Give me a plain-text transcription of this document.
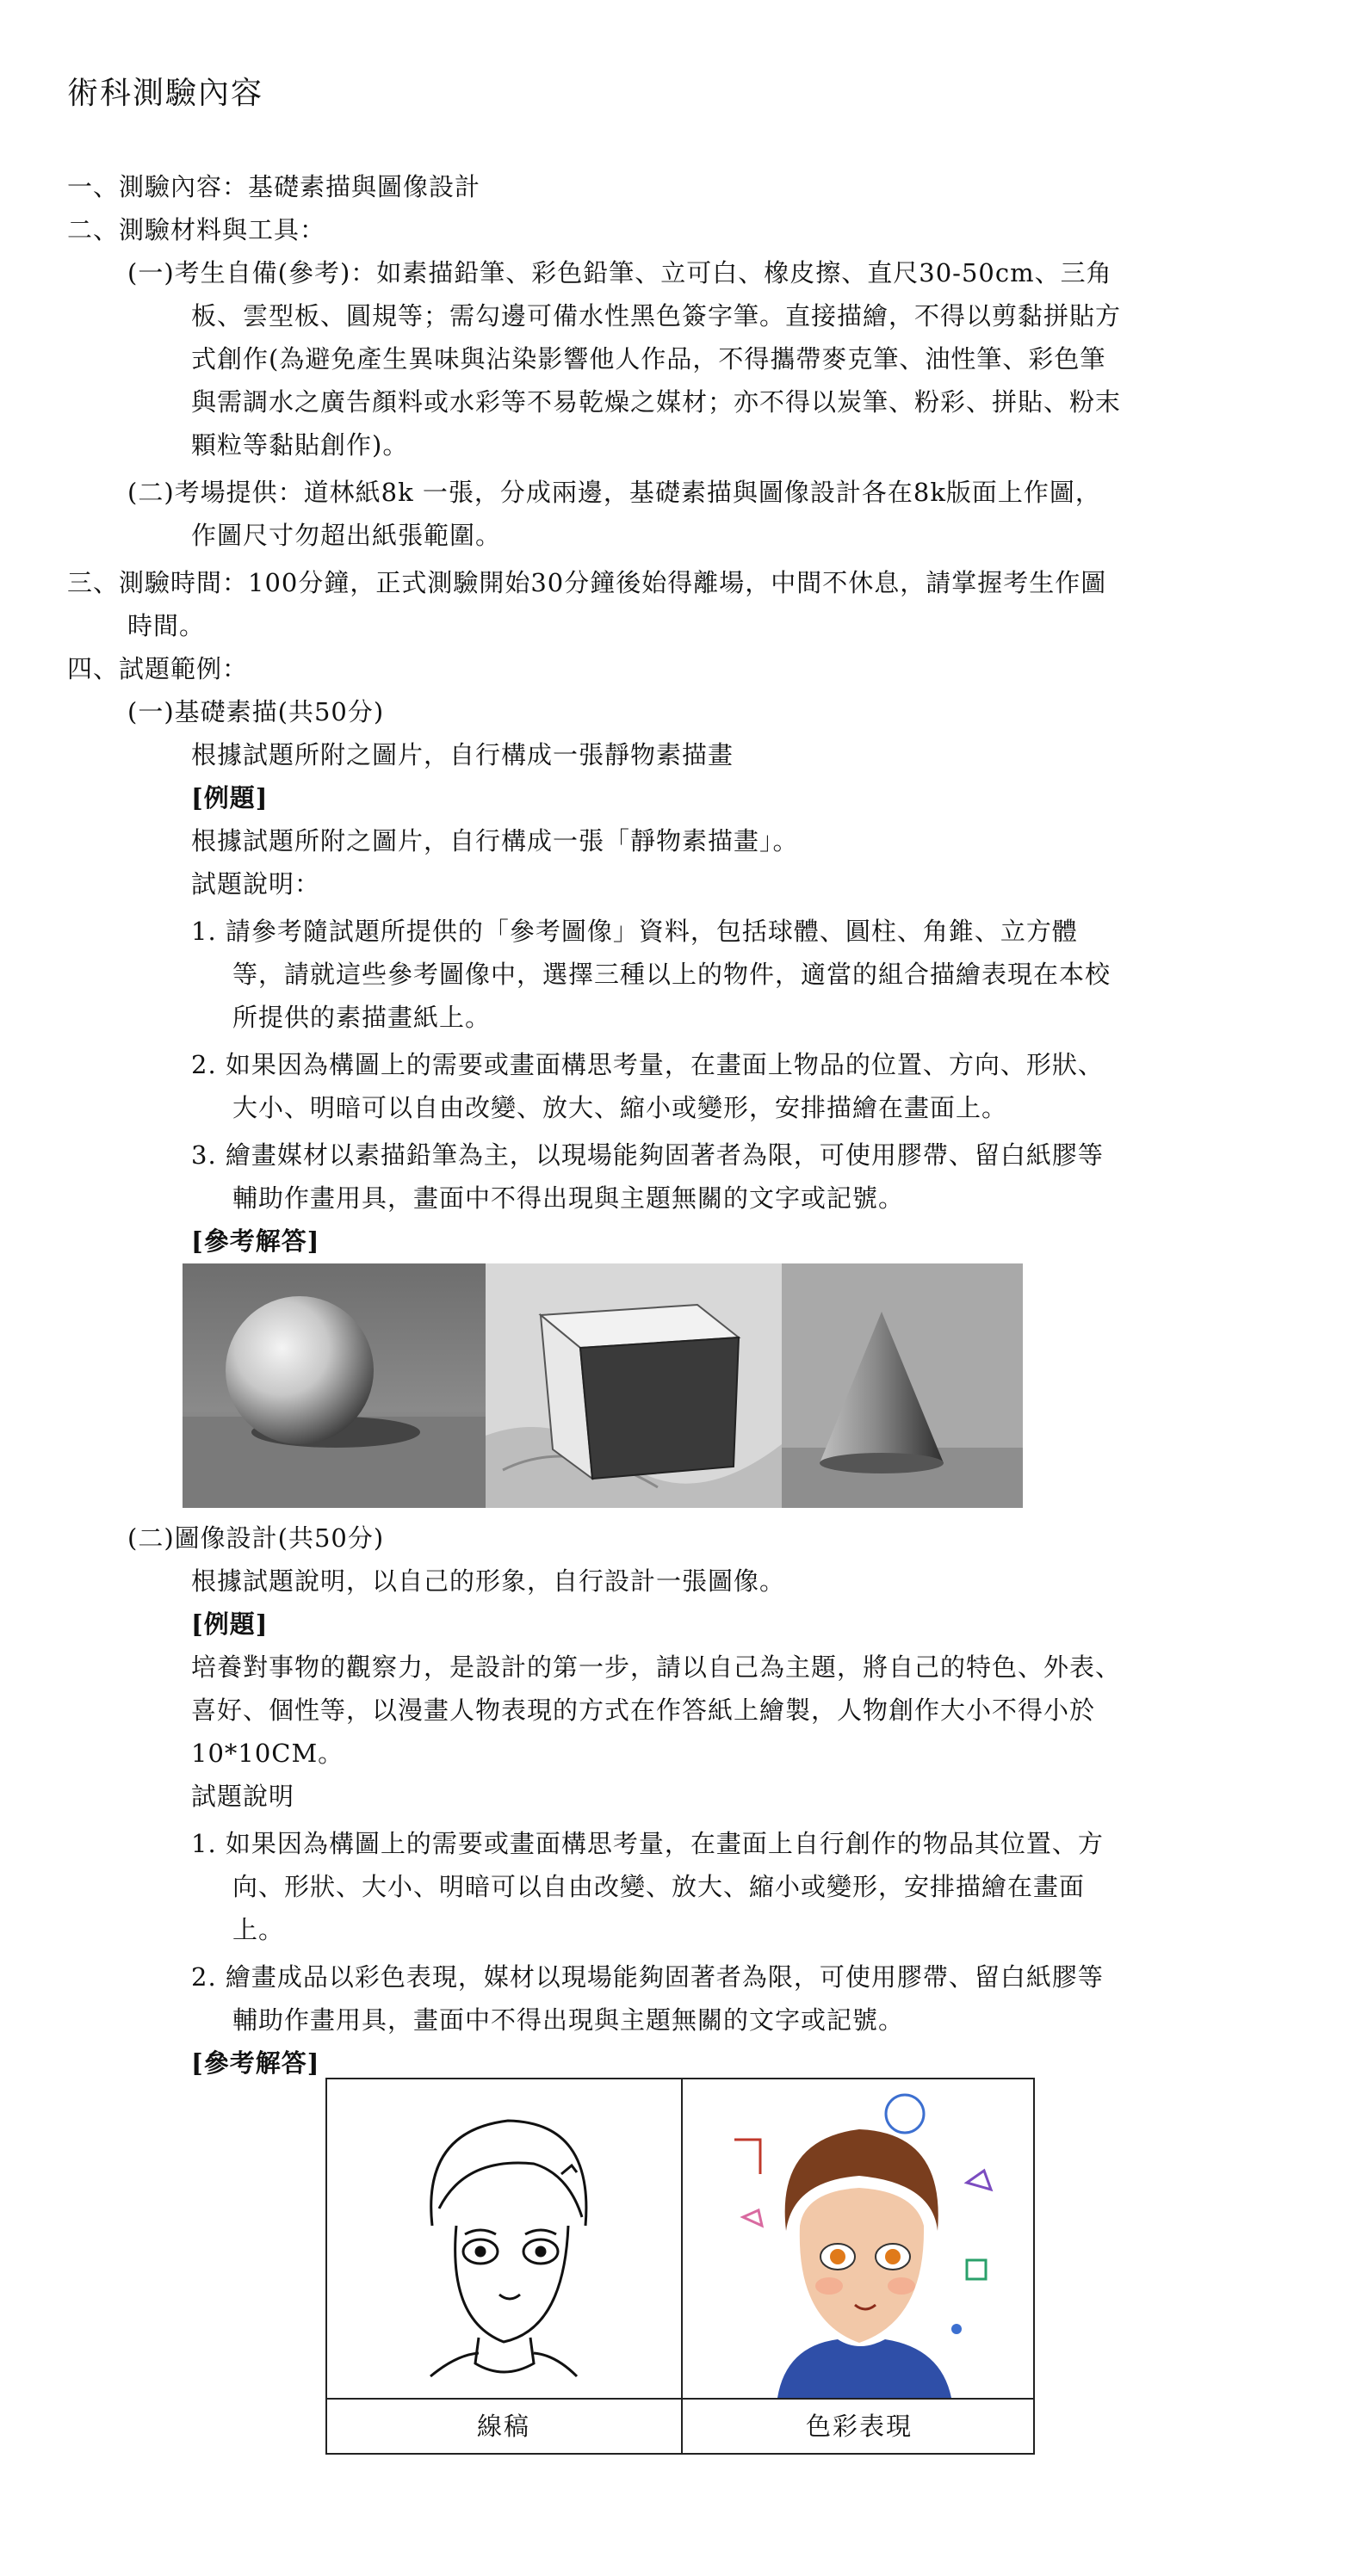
術科測驗內容
一、測驗內容：基礎素描與圖像設計
二、測驗材料與工具：
(一)考生自備(參考)：如素描鉛筆、彩色鉛筆、立可白、橡皮擦、直尺30-50cm、三角
板、雲型板、圓規等；需勾邊可備水性黑色簽字筆。直接描繪，不得以剪黏拼貼方
式創作(為避免產生異味與沾染影響他人作品，不得攜帶麥克筆、油性筆、彩色筆
與需調水之廣告顏料或水彩等不易乾燥之媒材；亦不得以炭筆、粉彩、拼貼、粉末
顆粒等黏貼創作)。
(二)考場提供：道林紙8k 一張，分成兩邊，基礎素描與圖像設計各在8k版面上作圖，
作圖尺寸勿超出紙張範圍。
三、測驗時間：100分鐘，正式測驗開始30分鐘後始得離場，中間不休息，請掌握考生作圖
時間。
四、試題範例：
(一)基礎素描(共50分)
根據試題所附之圖片，自行構成一張靜物素描畫
[例題]
根據試題所附之圖片，自行構成一張「靜物素描畫」。
試題說明：
1. 請參考隨試題所提供的「參考圖像」資料，包括球體、圓柱、角錐、立方體
等，請就這些參考圖像中，選擇三種以上的物件，適當的組合描繪表現在本校
所提供的素描畫紙上。
2. 如果因為構圖上的需要或畫面構思考量，在畫面上物品的位置、方向、形狀、
大小、明暗可以自由改變、放大、縮小或變形，安排描繪在畫面上。
3. 繪畫媒材以素描鉛筆為主，以現場能夠固著者為限，可使用膠帶、留白紙膠等
輔助作畫用具，畫面中不得出現與主題無關的文字或記號。
[參考解答]
(二)圖像設計(共50分)
根據試題說明，以自己的形象，自行設計一張圖像。
[例題]
培養對事物的觀察力，是設計的第一步，請以自己為主題，將自己的特色、外表、
喜好、個性等，以漫畫人物表現的方式在作答紙上繪製，人物創作大小不得小於
10*10CM。
試題說明
1. 如果因為構圖上的需要或畫面構思考量，在畫面上自行創作的物品其位置、方
向、形狀、大小、明暗可以自由改變、放大、縮小或變形，安排描繪在畫面
上。
2. 繪畫成品以彩色表現，媒材以現場能夠固著者為限，可使用膠帶、留白紙膠等
輔助作畫用具，畫面中不得出現與主題無關的文字或記號。
[參考解答]
線稿	色彩表現
